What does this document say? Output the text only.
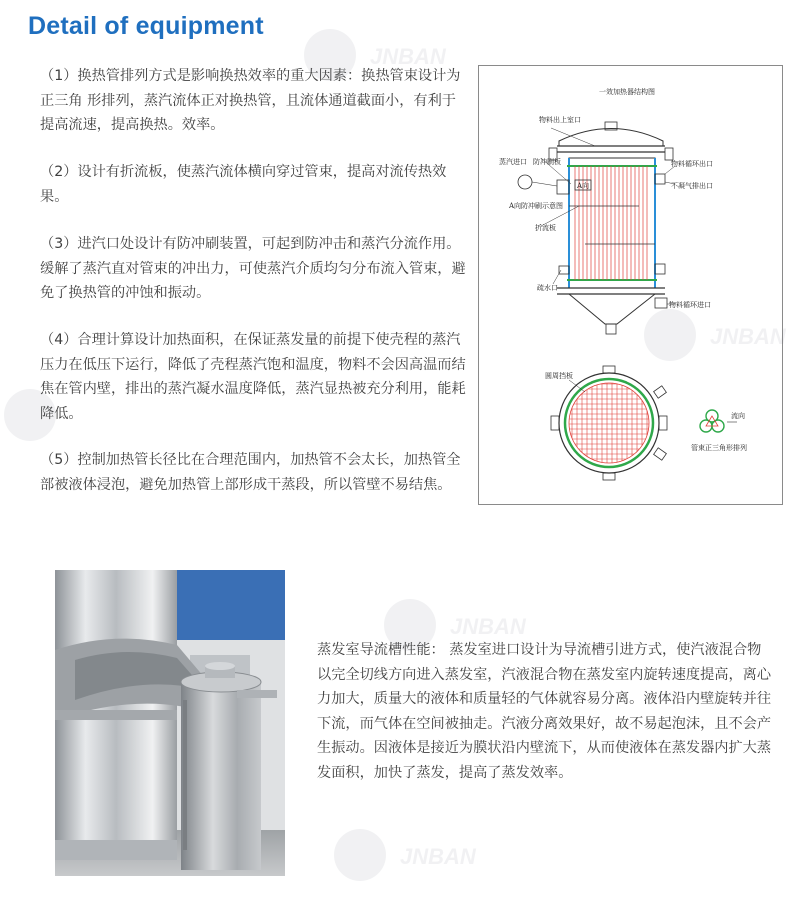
Detail of equipment

（1）换热管排列方式是影响换热效率的重大因素：换热管束设计为正三角 形排列，蒸汽流体正对换热管，且流体通道截面小，有利于提高流速，提高换热。效率。

（2）设计有折流板，使蒸汽流体横向穿过管束，提高对流传热效果。

（3）进汽口处设计有防冲刷装置，可起到防冲击和蒸汽分流作用。缓解了蒸汽直对管束的冲出力，可使蒸汽介质均匀分布流入管束，避免了换热管的冲蚀和振动。

（4）合理计算设计加热面积，在保证蒸发量的前提下使壳程的蒸汽压力在低压下运行，降低了壳程蒸汽饱和温度，物料不会因高温而结焦在管内壁，排出的蒸汽凝水温度降低，蒸汽显热被充分利用，能耗降低。

（5）控制加热管长径比在合理范围内，加热管不会太长，加热管全部被液体浸泡，避免加热管上部形成干蒸段，所以管壁不易结焦。

一效加热器结构图
A向
物料出上室口
蒸汽进口 防冲刷板
A向防冲刷示意图
折流板
疏水口
物料循环出口
不凝气排出口
物料循环进口
圆周挡板
流向
管束正三角形排列
蒸发室导流槽性能： 蒸发室进口设计为导流槽引进方式，使汽液混合物以完全切线方向进入蒸发室，汽液混合物在蒸发室内旋转速度提高，离心力加大，质量大的液体和质量轻的气体就容易分离。液体沿内壁旋转并往下流，而气体在空间被抽走。汽液分离效果好，故不易起泡沫，且不会产生振动。因液体是接近为膜状沿内壁流下，从而使液体在蒸发器内扩大蒸发面积，加快了蒸发，提高了蒸发效率。
JNBAN
JNBAN
JNBAN
